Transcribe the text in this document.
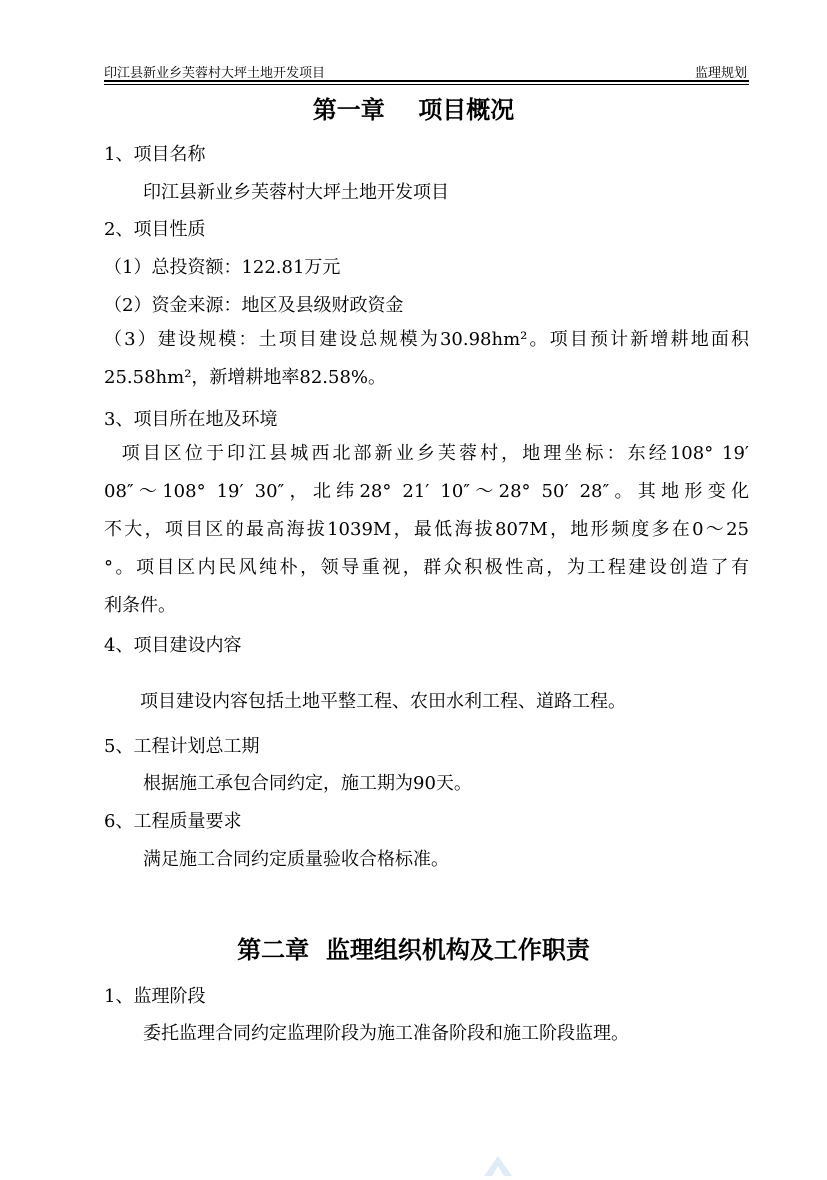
印江县新业乡芙蓉村大坪土地开发项目	监理规划
第一章    项目概况
1、项目名称
印江县新业乡芙蓉村大坪土地开发项目
2、项目性质
（1）总投资额：122.81万元
（2）资金来源：地区及县级财政资金
（3）建设规模：土项目建设总规模为30.98hm²。项目预计新增耕地面积
25.58hm²，新增耕地率82.58%。
3、项目所在地及环境
项目区位于印江县城西北部新业乡芙蓉村，地理坐标：东经108° 19′
08″～108° 19′ 30″，北纬28° 21′ 10″～28° 50′ 28″。其地形变化
不大，项目区的最高海拔1039M，最低海拔807M，地形频度多在0～25
°。项目区内民风纯朴，领导重视，群众积极性高，为工程建设创造了有
利条件。
4、项目建设内容
项目建设内容包括土地平整工程、农田水利工程、道路工程。
5、工程计划总工期
根据施工承包合同约定，施工期为90天。
6、工程质量要求
满足施工合同约定质量验收合格标准。
第二章  监理组织机构及工作职责
1、监理阶段
委托监理合同约定监理阶段为施工准备阶段和施工阶段监理。
